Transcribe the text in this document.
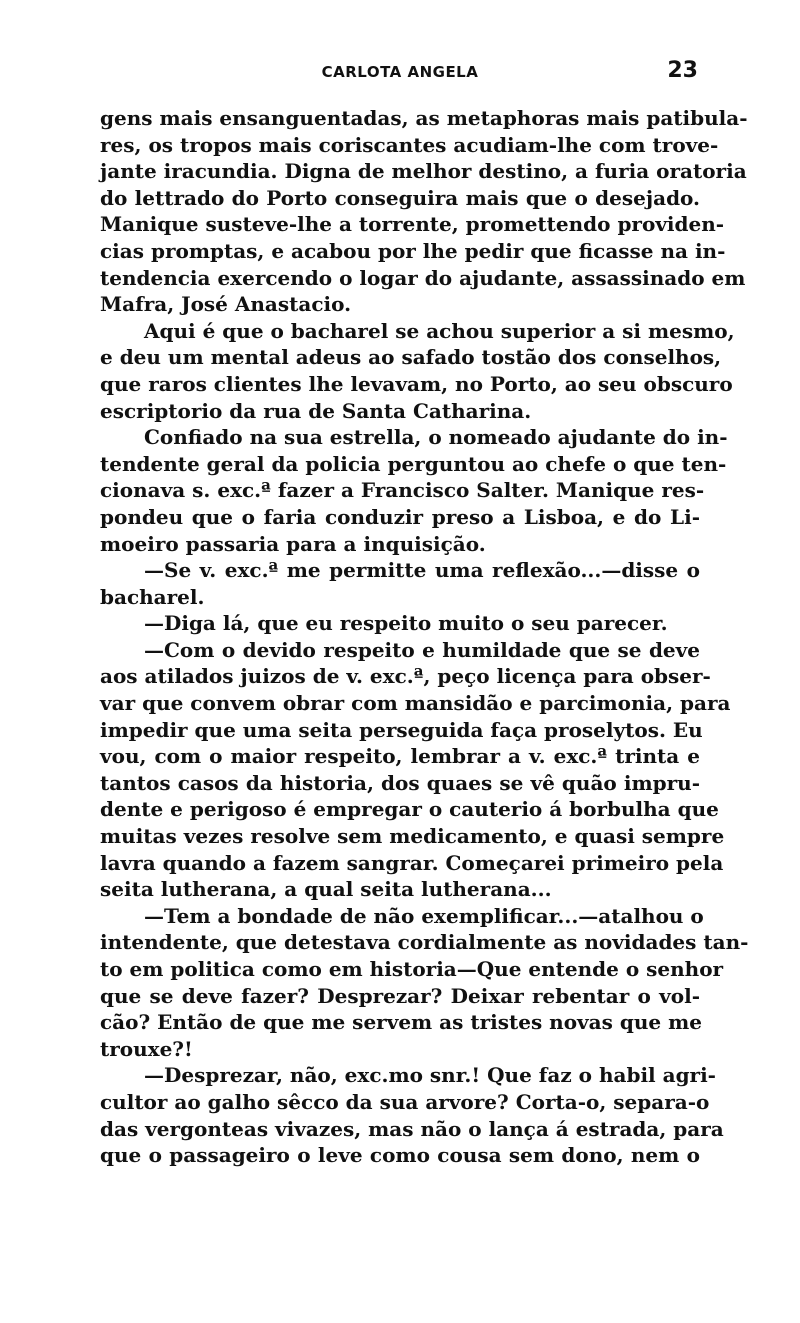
CARLOTA ANGELA	23
gens mais ensanguentadas, as metaphoras mais patibula-
res, os tropos mais coriscantes acudiam-lhe com trove-
jante iracundia. Digna de melhor destino, a furia oratoria
do lettrado do Porto conseguira mais que o desejado.
Manique susteve-lhe a torrente, promettendo providen-
cias promptas, e acabou por lhe pedir que ficasse na in-
tendencia exercendo o logar do ajudante, assassinado em
Mafra, José Anastacio.
Aqui é que o bacharel se achou superior a si mesmo,
e deu um mental adeus ao safado tostão dos conselhos,
que raros clientes lhe levavam, no Porto, ao seu obscuro
escriptorio da rua de Santa Catharina.
Confiado na sua estrella, o nomeado ajudante do in-
tendente geral da policia perguntou ao chefe o que ten-
cionava s. exc.ª fazer a Francisco Salter. Manique res-
pondeu que o faria conduzir preso a Lisboa, e do Li-
moeiro passaria para a inquisição.
—Se v. exc.ª me permitte uma reflexão...—disse o
bacharel.
—Diga lá, que eu respeito muito o seu parecer.
—Com o devido respeito e humildade que se deve
aos atilados juizos de v. exc.ª, peço licença para obser-
var que convem obrar com mansidão e parcimonia, para
impedir que uma seita perseguida faça proselytos. Eu
vou, com o maior respeito, lembrar a v. exc.ª trinta e
tantos casos da historia, dos quaes se vê quão impru-
dente e perigoso é empregar o cauterio á borbulha que
muitas vezes resolve sem medicamento, e quasi sempre
lavra quando a fazem sangrar. Começarei primeiro pela
seita lutherana, a qual seita lutherana...
—Tem a bondade de não exemplificar...—atalhou o
intendente, que detestava cordialmente as novidades tan-
to em politica como em historia—Que entende o senhor
que se deve fazer? Desprezar? Deixar rebentar o vol-
cão? Então de que me servem as tristes novas que me
trouxe?!
—Desprezar, não, exc.mo snr.! Que faz o habil agri-
cultor ao galho sêcco da sua arvore? Corta-o, separa-o
das vergonteas vivazes, mas não o lança á estrada, para
que o passageiro o leve como cousa sem dono, nem o
